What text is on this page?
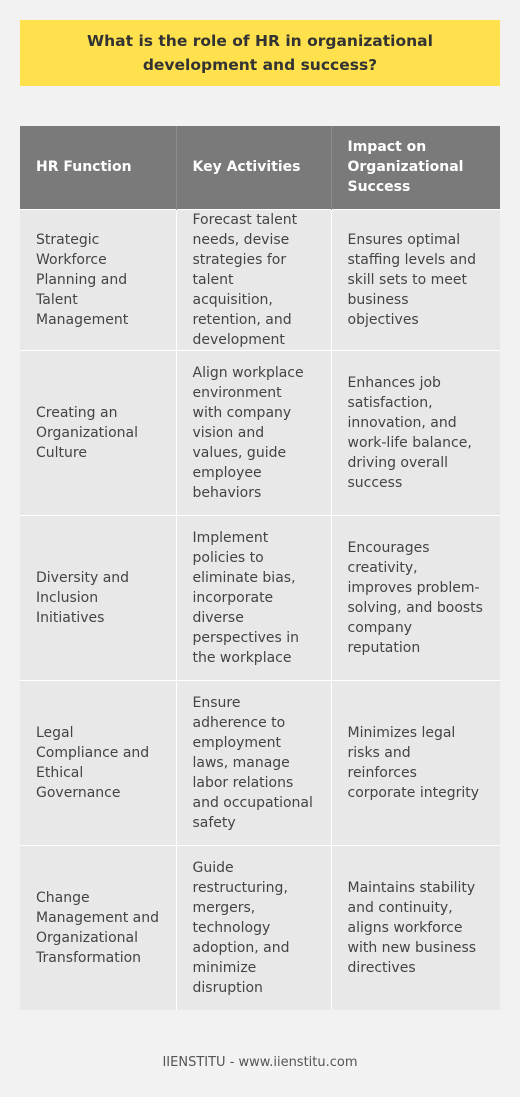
What is the role of HR in organizational development and success?
HR Function	Key Activities	Impact on Organizational Success
Strategic Workforce Planning and Talent Management	Forecast talent needs, devise strategies for talent acquisition, retention, and development	Ensures optimal staffing levels and skill sets to meet business objectives
Creating an Organizational Culture	Align workplace environment with company vision and values, guide employee behaviors	Enhances job satisfaction, innovation, and work-life balance, driving overall success
Diversity and Inclusion Initiatives	Implement policies to eliminate bias, incorporate diverse perspectives in the workplace	Encourages creativity, improves problem-solving, and boosts company reputation
Legal Compliance and Ethical Governance	Ensure adherence to employment laws, manage labor relations and occupational safety	Minimizes legal risks and reinforces corporate integrity
Change Management and Organizational Transformation	Guide restructuring, mergers, technology adoption, and minimize disruption	Maintains stability and continuity, aligns workforce with new business directives
IIENSTITU - www.iienstitu.com
